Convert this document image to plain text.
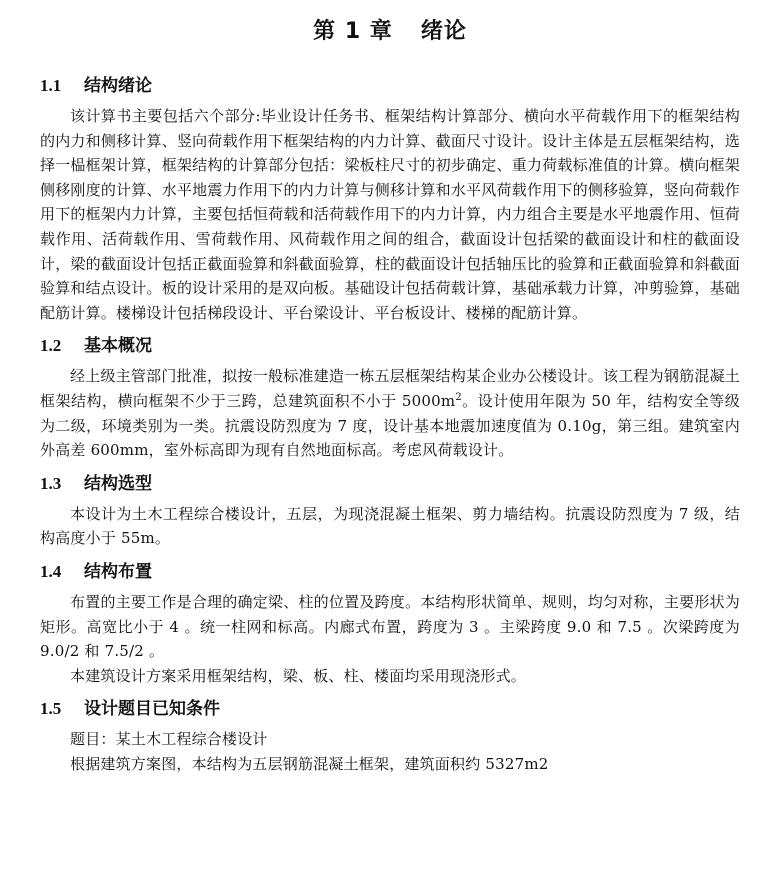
第 1 章 绪论
1.1 结构绪论

该计算书主要包括六个部分:毕业设计任务书、框架结构计算部分、横向水平荷载作用下的框架结构的内力和侧移计算、竖向荷载作用下框架结构的内力计算、截面尺寸设计。设计主体是五层框架结构，选择一榀框架计算，框架结构的计算部分包括：梁板柱尺寸的初步确定、重力荷载标准值的计算。横向框架侧移刚度的计算、水平地震力作用下的内力计算与侧移计算和水平风荷载作用下的侧移验算，竖向荷载作用下的框架内力计算，主要包括恒荷载和活荷载作用下的内力计算，内力组合主要是水平地震作用、恒荷载作用、活荷载作用、雪荷载作用、风荷载作用之间的组合，截面设计包括梁的截面设计和柱的截面设计，梁的截面设计包括正截面验算和斜截面验算，柱的截面设计包括轴压比的验算和正截面验算和斜截面验算和结点设计。板的设计采用的是双向板。基础设计包括荷载计算，基础承载力计算，冲剪验算，基础配筋计算。楼梯设计包括梯段设计、平台梁设计、平台板设计、楼梯的配筋计算。

1.2 基本概况

经上级主管部门批准，拟按一般标准建造一栋五层框架结构某企业办公楼设计。该工程为钢筋混凝土框架结构，横向框架不少于三跨，总建筑面积不小于 $5000m^2$。设计使用年限为 50 年，结构安全等级为二级，环境类别为一类。抗震设防烈度为 7 度，设计基本地震加速度值为 0.10g，第三组。建筑室内外高差 600mm，室外标高即为现有自然地面标高。考虑风荷载设计。

1.3 结构选型

本设计为土木工程综合楼设计，五层，为现浇混凝土框架、剪力墙结构。抗震设防烈度为 7 级，结构高度小于 55m。

1.4 结构布置

布置的主要工作是合理的确定梁、柱的位置及跨度。本结构形状简单、规则，均匀对称，主要形状为矩形。高宽比小于 4 。统一柱网和标高。内廊式布置，跨度为 3 。主梁跨度 9.0 和 7.5 。次梁跨度为 9.0/2 和 7.5/2 。

本建筑设计方案采用框架结构，梁、板、柱、楼面均采用现浇形式。

1.5 设计题目已知条件

题目：某土木工程综合楼设计

根据建筑方案图，本结构为五层钢筋混凝土框架，建筑面积约 5327m2
